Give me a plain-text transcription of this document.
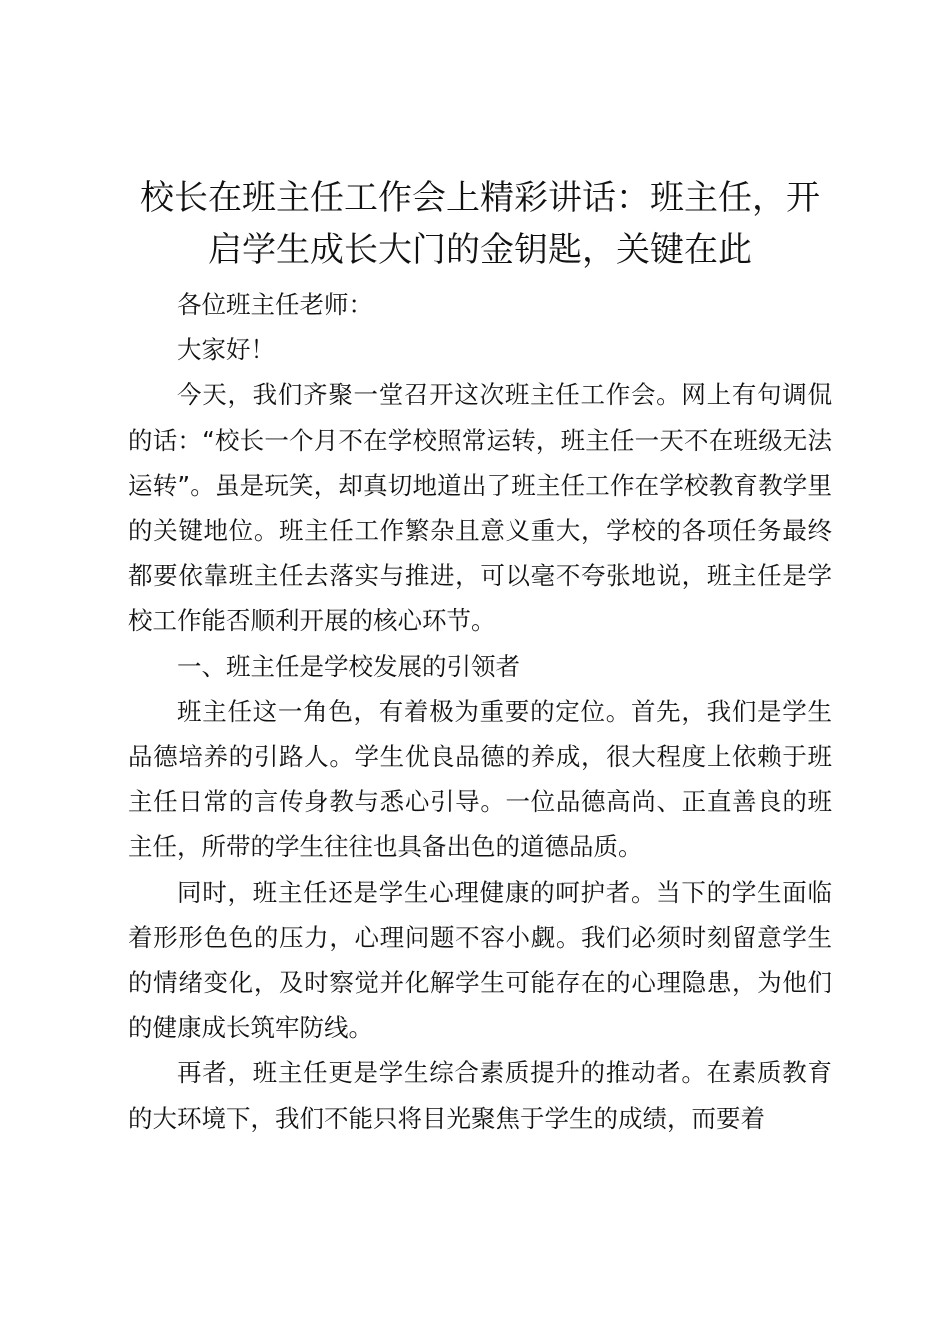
校长在班主任工作会上精彩讲话：班主任，开启学生成长大门的金钥匙，关键在此

各位班主任老师：

大家好！

今天，我们齐聚一堂召开这次班主任工作会。网上有句调侃的话：“校长一个月不在学校照常运转，班主任一天不在班级无法运转”。虽是玩笑，却真切地道出了班主任工作在学校教育教学里的关键地位。班主任工作繁杂且意义重大，学校的各项任务最终都要依靠班主任去落实与推进，可以毫不夸张地说，班主任是学校工作能否顺利开展的核心环节。

一、班主任是学校发展的引领者

班主任这一角色，有着极为重要的定位。首先，我们是学生品德培养的引路人。学生优良品德的养成，很大程度上依赖于班主任日常的言传身教与悉心引导。一位品德高尚、正直善良的班主任，所带的学生往往也具备出色的道德品质。

同时，班主任还是学生心理健康的呵护者。当下的学生面临着形形色色的压力，心理问题不容小觑。我们必须时刻留意学生的情绪变化，及时察觉并化解学生可能存在的心理隐患，为他们的健康成长筑牢防线。

再者，班主任更是学生综合素质提升的推动者。在素质教育的大环境下，我们不能只将目光聚焦于学生的成绩，而要着
